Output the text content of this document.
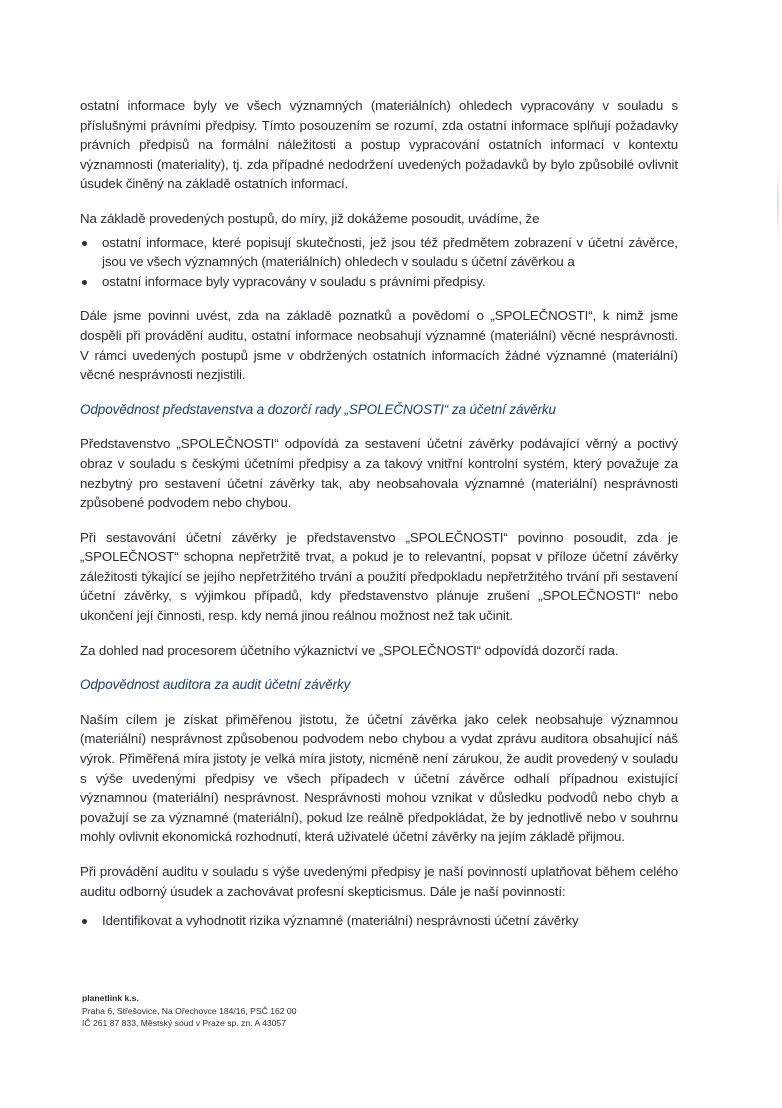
ostatní informace byly ve všech významných (materiálních) ohledech vypracovány v souladu s příslušnými právními předpisy. Tímto posouzením se rozumí, zda ostatní informace splňují požadavky právních předpisů na formální náležitosti a postup vypracování ostatních informací v kontextu významnosti (materiality), tj. zda případné nedodržení uvedených požadavků by bylo způsobilé ovlivnit úsudek činěný na základě ostatních informací.

Na základě provedených postupů, do míry, již dokážeme posoudit, uvádíme, že

ostatní informace, které popisují skutečnosti, jež jsou též předmětem zobrazení v účetní závěrce, jsou ve všech významných (materiálních) ohledech v souladu s účetní závěrkou a
ostatní informace byly vypracovány v souladu s právními předpisy.

Dále jsme povinni uvést, zda na základě poznatků a povědomí o „SPOLEČNOSTI“, k nimž jsme dospěli při provádění auditu, ostatní informace neobsahují významné (materiální) věcné nesprávnosti. V rámci uvedených postupů jsme v obdržených ostatních informacích žádné významné (materiální) věcné nesprávnosti nezjistili.

Odpovědnost představenstva a dozorčí rady „SPOLEČNOSTI“ za účetní závěrku

Představenstvo „SPOLEČNOSTI“ odpovídá za sestavení účetní závěrky podávající věrný a poctivý obraz v souladu s českými účetními předpisy a za takový vnitřní kontrolní systém, který považuje za nezbytný pro sestavení účetní závěrky tak, aby neobsahovala významné (materiální) nesprávnosti způsobené podvodem nebo chybou.

Při sestavování účetní závěrky je představenstvo „SPOLEČNOSTI“ povinno posoudit, zda je „SPOLEČNOST“ schopna nepřetržitě trvat, a pokud je to relevantní, popsat v příloze účetní závěrky záležitosti týkající se jejího nepřetržitého trvání a použití předpokladu nepřetržitého trvání při sestavení účetní závěrky, s výjimkou případů, kdy představenstvo plánuje zrušení „SPOLEČNOSTI“ nebo ukončení její činnosti, resp. kdy nemá jinou reálnou možnost než tak učinit.

Za dohled nad procesorem účetního výkaznictví ve „SPOLEČNOSTI“ odpovídá dozorčí rada.

Odpovědnost auditora za audit účetní závěrky

Naším cílem je získat přiměřenou jistotu, že účetní závěrka jako celek neobsahuje významnou (materiální) nesprávnost způsobenou podvodem nebo chybou a vydat zprávu auditora obsahující náš výrok. Přiměřená míra jistoty je velká míra jistoty, nicméně není zárukou, že audit provedený v souladu s výše uvedenými předpisy ve všech případech v účetní závěrce odhalí případnou existující významnou (materiální) nesprávnost. Nesprávnosti mohou vznikat v důsledku podvodů nebo chyb a považují se za významné (materiální), pokud lze reálně předpokládat, že by jednotlivě nebo v souhrnu mohly ovlivnit ekonomická rozhodnutí, která uživatelé účetní závěrky na jejím základě přijmou.

Při provádění auditu v souladu s výše uvedenými předpisy je naší povinností uplatňovat během celého auditu odborný úsudek a zachovávat profesní skepticismus. Dále je naší povinností:

Identifikovat a vyhodnotit rizika významné (materiální) nesprávnosti účetní závěrky
planetlink k.s.
Praha 6, Střešovice, Na Ořechovce 184/16, PSČ 162 00
IČ 261 87 833, Městský soud v Praze sp. zn. A 43057
